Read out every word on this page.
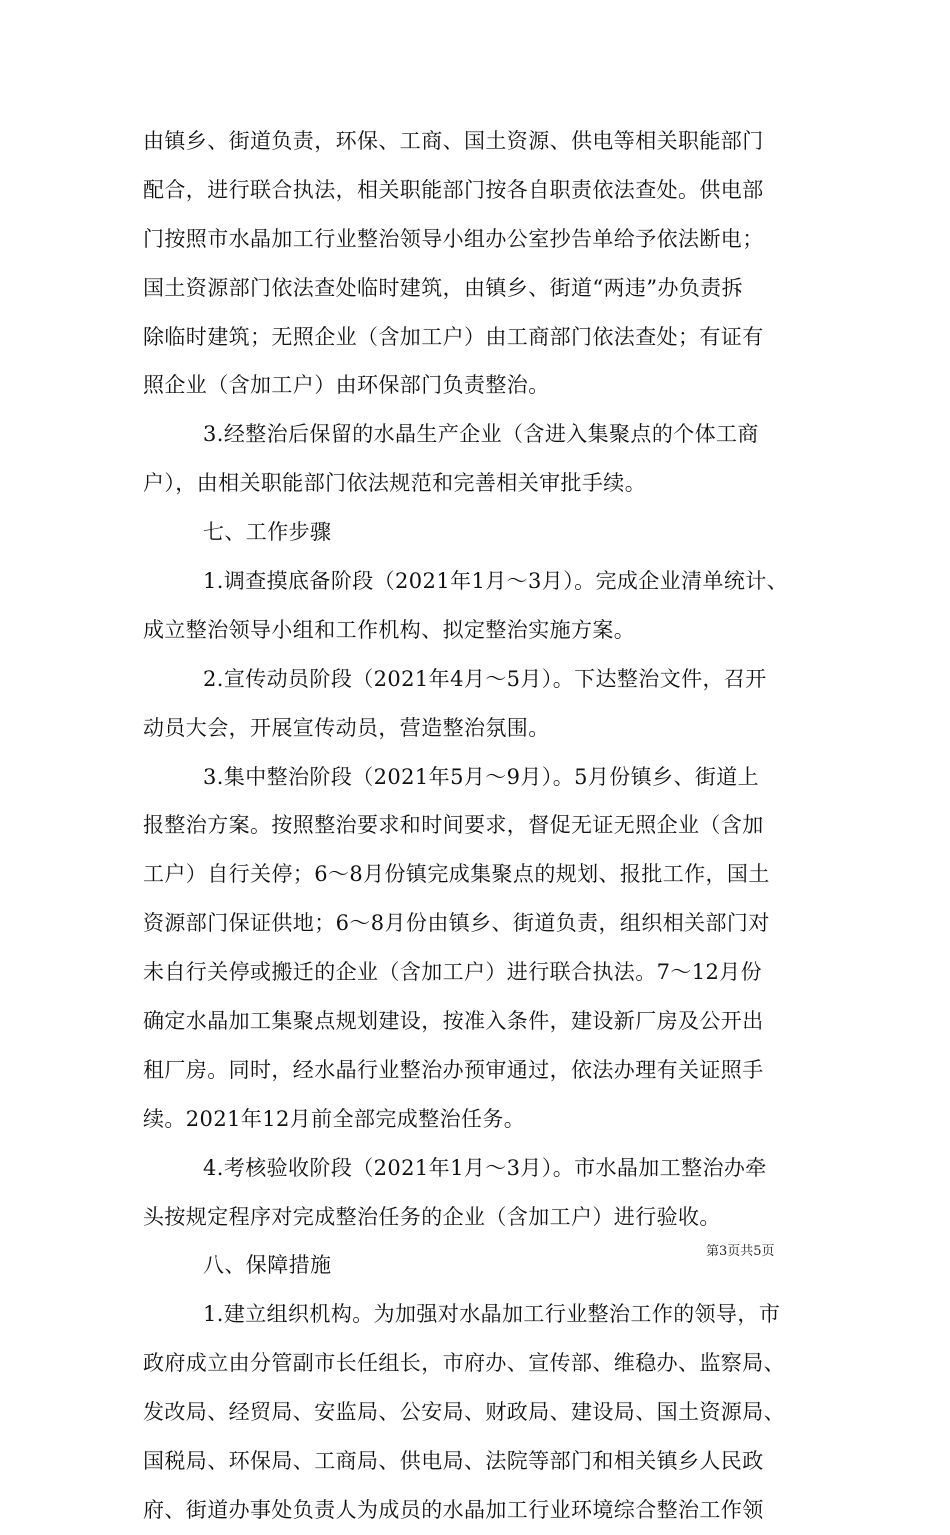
由镇乡、街道负责，环保、工商、国土资源、供电等相关职能部门
配合，进行联合执法，相关职能部门按各自职责依法查处。供电部
门按照市水晶加工行业整治领导小组办公室抄告单给予依法断电；
国土资源部门依法查处临时建筑，由镇乡、街道“两违”办负责拆
除临时建筑；无照企业（含加工户）由工商部门依法查处；有证有
照企业（含加工户）由环保部门负责整治。
3.经整治后保留的水晶生产企业（含进入集聚点的个体工商
户），由相关职能部门依法规范和完善相关审批手续。
七、工作步骤
1.调查摸底备阶段（2021年1月～3月）。完成企业清单统计、
成立整治领导小组和工作机构、拟定整治实施方案。
2.宣传动员阶段（2021年4月～5月）。下达整治文件，召开
动员大会，开展宣传动员，营造整治氛围。
3.集中整治阶段（2021年5月～9月）。5月份镇乡、街道上
报整治方案。按照整治要求和时间要求，督促无证无照企业（含加
工户）自行关停；6～8月份镇完成集聚点的规划、报批工作，国土
资源部门保证供地；6～8月份由镇乡、街道负责，组织相关部门对
未自行关停或搬迁的企业（含加工户）进行联合执法。7～12月份
确定水晶加工集聚点规划建设，按准入条件，建设新厂房及公开出
租厂房。同时，经水晶行业整治办预审通过，依法办理有关证照手
续。2021年12月前全部完成整治任务。
4.考核验收阶段（2021年1月～3月）。市水晶加工整治办牵
头按规定程序对完成整治任务的企业（含加工户）进行验收。
八、保障措施
1.建立组织机构。为加强对水晶加工行业整治工作的领导，市
政府成立由分管副市长任组长，市府办、宣传部、维稳办、监察局、
发改局、经贸局、安监局、公安局、财政局、建设局、国土资源局、
国税局、环保局、工商局、供电局、法院等部门和相关镇乡人民政
府、街道办事处负责人为成员的水晶加工行业环境综合整治工作领
第3页共5页
